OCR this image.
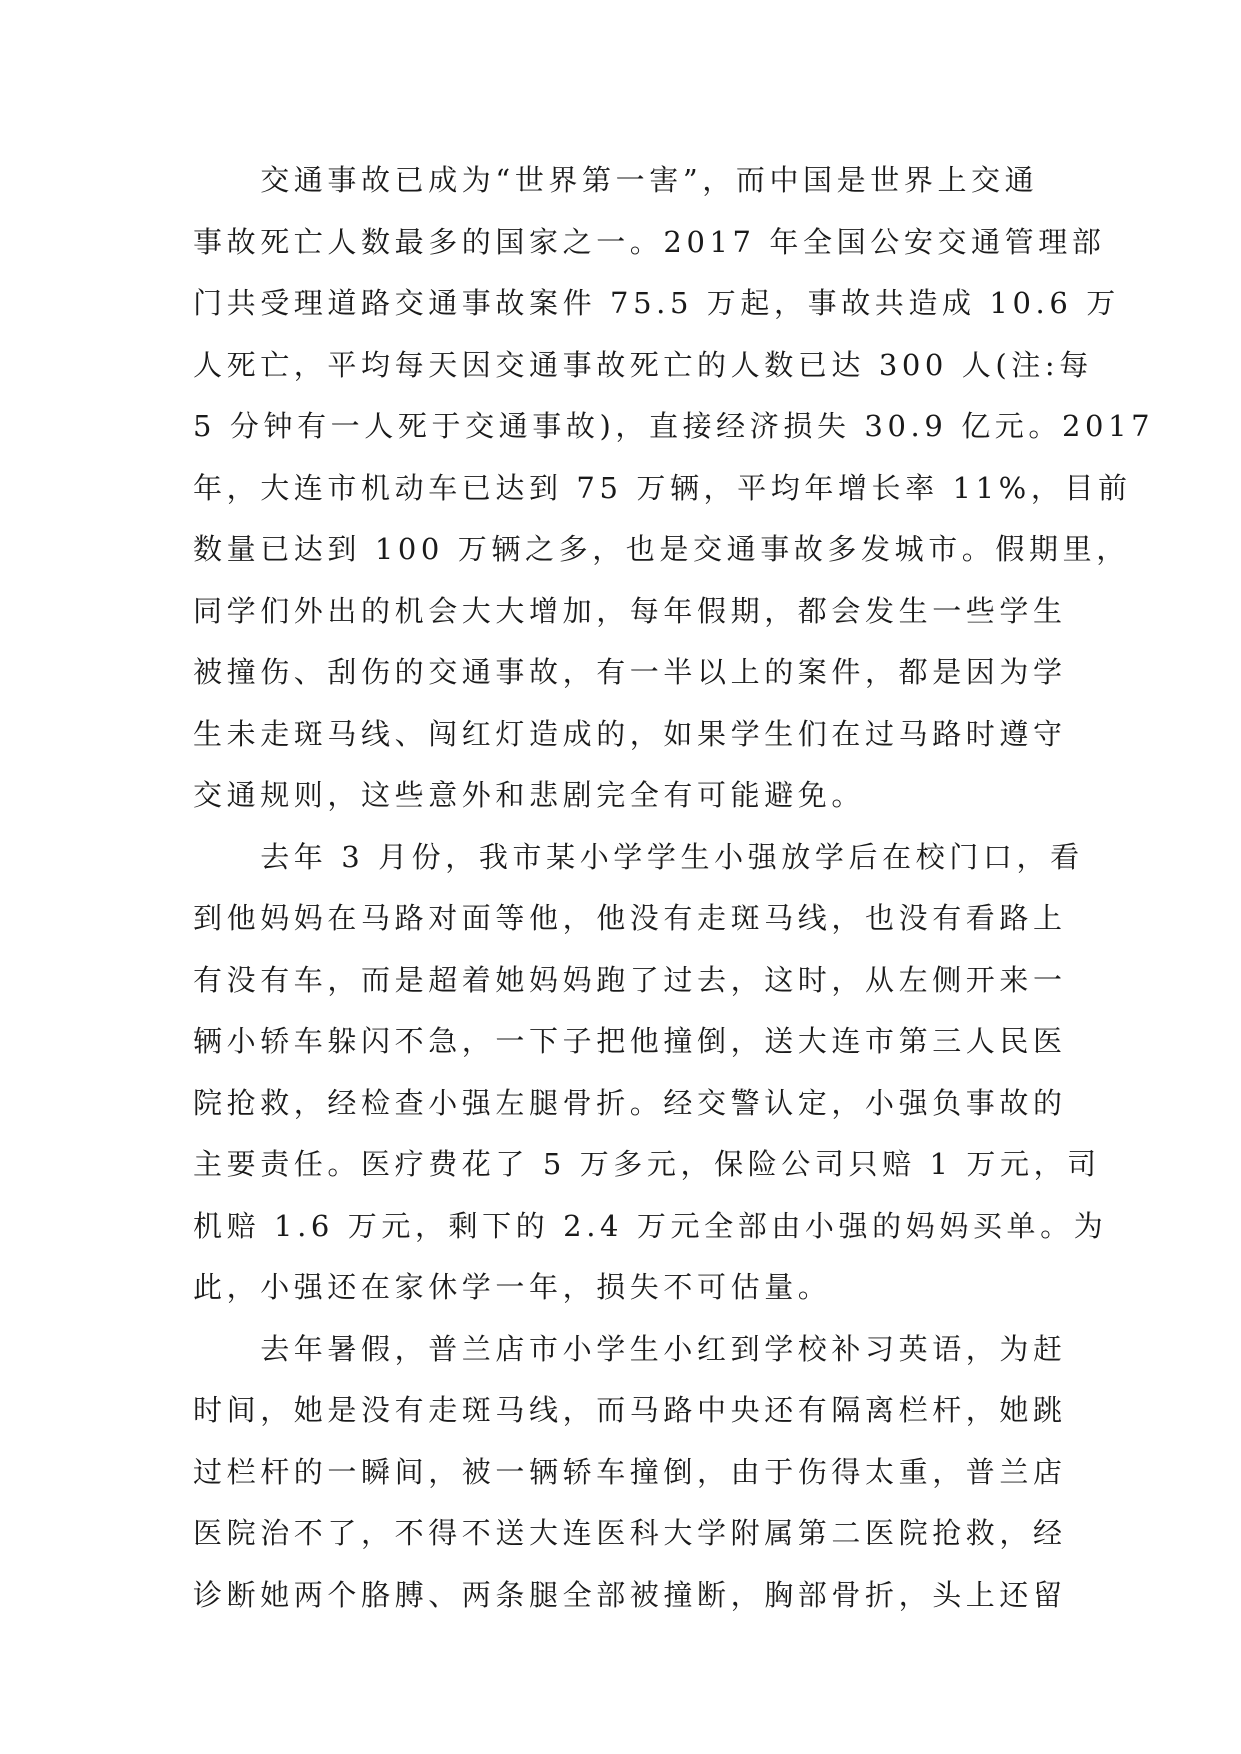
　　交通事故已成为“世界第一害”，而中国是世界上交通
事故死亡人数最多的国家之一。2017 年全国公安交通管理部
门共受理道路交通事故案件 75.5 万起，事故共造成 10.6 万
人死亡，平均每天因交通事故死亡的人数已达 300 人(注:每
5 分钟有一人死于交通事故)，直接经济损失 30.9 亿元。2017
年，大连市机动车已达到 75 万辆，平均年增长率 11%，目前
数量已达到 100 万辆之多，也是交通事故多发城市。假期里，
同学们外出的机会大大增加，每年假期，都会发生一些学生
被撞伤、刮伤的交通事故，有一半以上的案件，都是因为学
生未走斑马线、闯红灯造成的，如果学生们在过马路时遵守
交通规则，这些意外和悲剧完全有可能避免。
　　去年 3 月份，我市某小学学生小强放学后在校门口，看
到他妈妈在马路对面等他，他没有走斑马线，也没有看路上
有没有车，而是超着她妈妈跑了过去，这时，从左侧开来一
辆小轿车躲闪不急，一下子把他撞倒，送大连市第三人民医
院抢救，经检查小强左腿骨折。经交警认定，小强负事故的
主要责任。医疗费花了 5 万多元，保险公司只赔 1 万元，司
机赔 1.6 万元，剩下的 2.4 万元全部由小强的妈妈买单。为
此，小强还在家休学一年，损失不可估量。
　　去年暑假，普兰店市小学生小红到学校补习英语，为赶
时间，她是没有走斑马线，而马路中央还有隔离栏杆，她跳
过栏杆的一瞬间，被一辆轿车撞倒，由于伤得太重，普兰店
医院治不了，不得不送大连医科大学附属第二医院抢救，经
诊断她两个胳膊、两条腿全部被撞断，胸部骨折，头上还留
